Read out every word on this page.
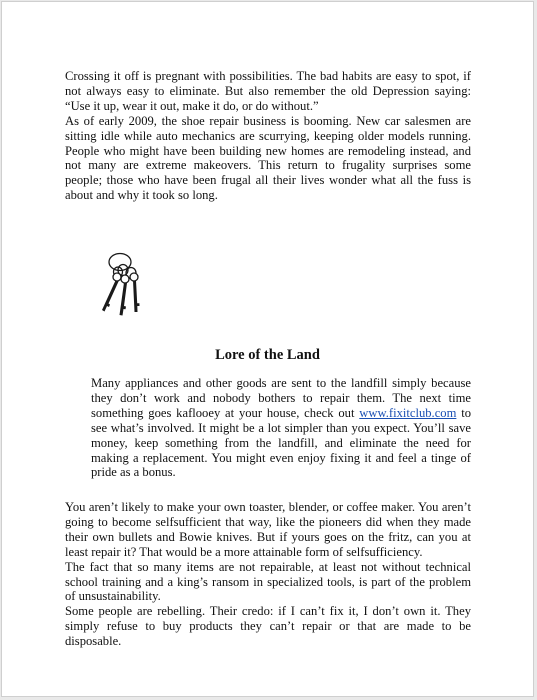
Crossing it off is pregnant with possibilities. The bad habits are easy to spot, if not always easy to eliminate. But also remember the old Depression saying: “Use it up, wear it out, make it do, or do without.”

As of early 2009, the shoe repair business is booming. New car salesmen are sitting idle while auto mechanics are scurrying, keeping older models running. People who might have been building new homes are remodeling instead, and not many are extreme makeovers. This return to frugality surprises some people; those who have been frugal all their lives wonder what all the fuss is about and why it took so long.

Lore of the Land

Many appliances and other goods are sent to the landfill simply because they don’t work and nobody bothers to repair them. The next time something goes kaflooey at your house, check out www.fixitclub.com to see what’s involved. It might be a lot simpler than you expect. You’ll save money, keep something from the landfill, and eliminate the need for making a replacement. You might even enjoy fixing it and feel a tinge of pride as a bonus.

You aren’t likely to make your own toaster, blender, or coffee maker. You aren’t going to become selfsufficient that way, like the pioneers did when they made their own bullets and Bowie knives. But if yours goes on the fritz, can you at least repair it? That would be a more attainable form of selfsufficiency.

The fact that so many items are not repairable, at least not without technical school training and a king’s ransom in specialized tools, is part of the problem of unsustainability.

Some people are rebelling. Their credo: if I can’t fix it, I don’t own it. They simply refuse to buy products they can’t repair or that are made to be disposable.
